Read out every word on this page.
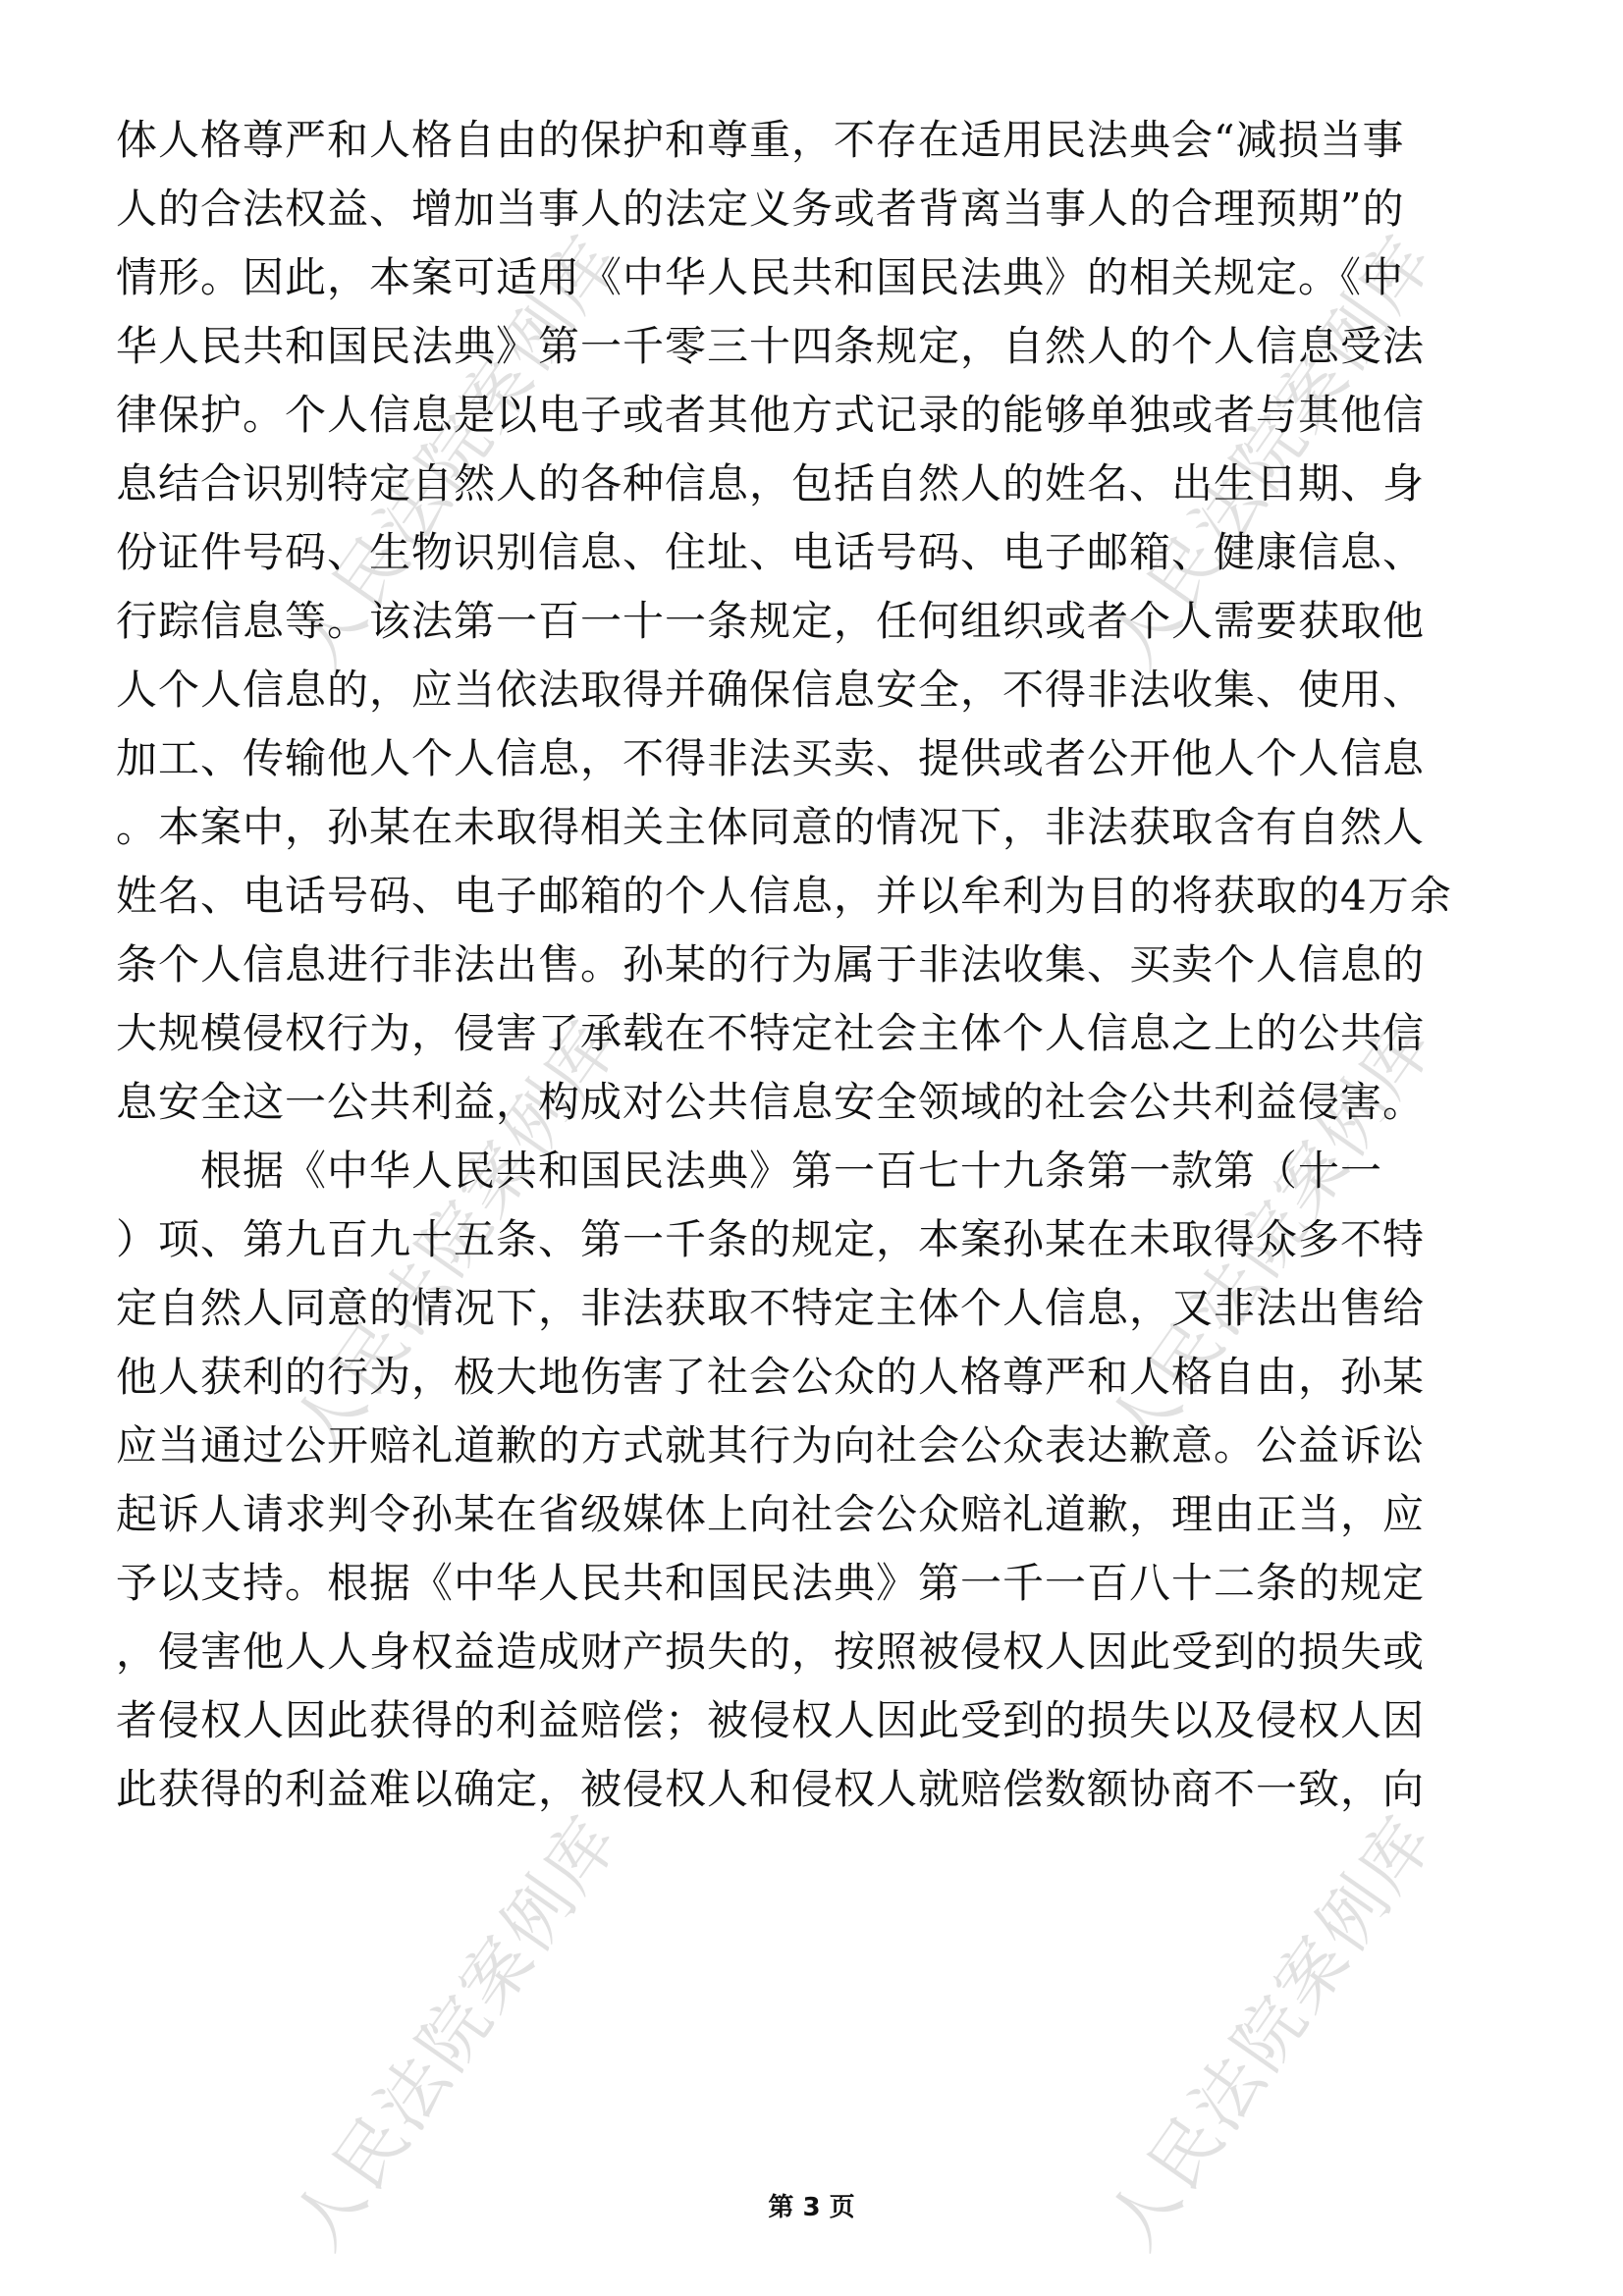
人民法院案例库	人民法院案例库
人民法院案例库	人民法院案例库
人民法院案例库	人民法院案例库
体人格尊严和人格自由的保护和尊重，不存在适用民法典会“减损当事
人的合法权益、增加当事人的法定义务或者背离当事人的合理预期”的
情形。因此，本案可适用《中华人民共和国民法典》的相关规定。《中
华人民共和国民法典》第一千零三十四条规定，自然人的个人信息受法
律保护。个人信息是以电子或者其他方式记录的能够单独或者与其他信
息结合识别特定自然人的各种信息，包括自然人的姓名、出生日期、身
份证件号码、生物识别信息、住址、电话号码、电子邮箱、健康信息、
行踪信息等。该法第一百一十一条规定，任何组织或者个人需要获取他
人个人信息的，应当依法取得并确保信息安全，不得非法收集、使用、
加工、传输他人个人信息，不得非法买卖、提供或者公开他人个人信息
。本案中，孙某在未取得相关主体同意的情况下，非法获取含有自然人
姓名、电话号码、电子邮箱的个人信息，并以牟利为目的将获取的4万余
条个人信息进行非法出售。孙某的行为属于非法收集、买卖个人信息的
大规模侵权行为，侵害了承载在不特定社会主体个人信息之上的公共信
息安全这一公共利益，构成对公共信息安全领域的社会公共利益侵害。
　　根据《中华人民共和国民法典》第一百七十九条第一款第（十一
）项、第九百九十五条、第一千条的规定，本案孙某在未取得众多不特
定自然人同意的情况下，非法获取不特定主体个人信息，又非法出售给
他人获利的行为，极大地伤害了社会公众的人格尊严和人格自由，孙某
应当通过公开赔礼道歉的方式就其行为向社会公众表达歉意。公益诉讼
起诉人请求判令孙某在省级媒体上向社会公众赔礼道歉，理由正当，应
予以支持。根据《中华人民共和国民法典》第一千一百八十二条的规定
，侵害他人人身权益造成财产损失的，按照被侵权人因此受到的损失或
者侵权人因此获得的利益赔偿；被侵权人因此受到的损失以及侵权人因
此获得的利益难以确定，被侵权人和侵权人就赔偿数额协商不一致，向
第 3 页
